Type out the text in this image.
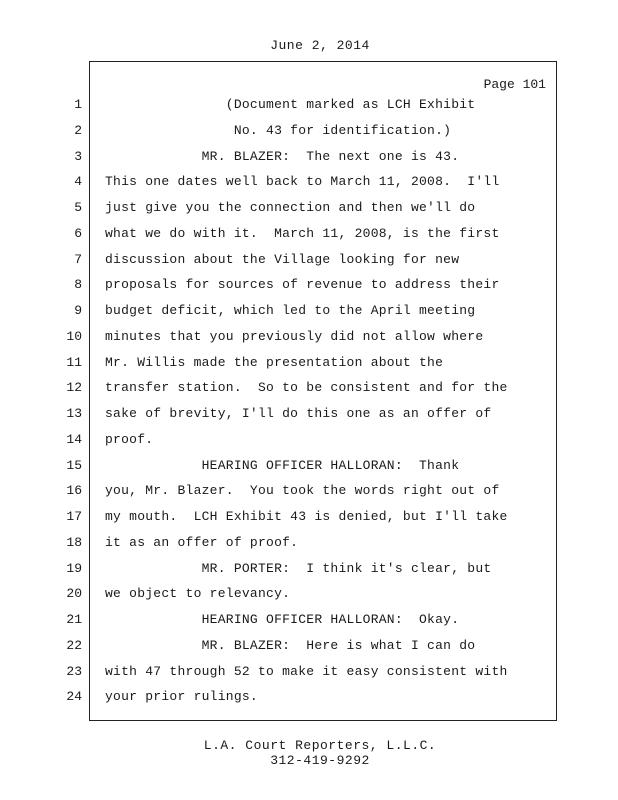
June 2, 2014
Page 101
1 (Document marked as LCH Exhibit
2 No. 43 for identification.)
3 MR. BLAZER:  The next one is 43.
4 This one dates well back to March 11, 2008.  I'll
5 just give you the connection and then we'll do
6 what we do with it.  March 11, 2008, is the first
7 discussion about the Village looking for new
8 proposals for sources of revenue to address their
9 budget deficit, which led to the April meeting
10 minutes that you previously did not allow where
11 Mr. Willis made the presentation about the
12 transfer station.  So to be consistent and for the
13 sake of brevity, I'll do this one as an offer of
14 proof.
15 HEARING OFFICER HALLORAN:  Thank
16 you, Mr. Blazer.  You took the words right out of
17 my mouth.  LCH Exhibit 43 is denied, but I'll take
18 it as an offer of proof.
19 MR. PORTER:  I think it's clear, but
20 we object to relevancy.
21 HEARING OFFICER HALLORAN:  Okay.
22 MR. BLAZER:  Here is what I can do
23 with 47 through 52 to make it easy consistent with
24 your prior rulings.
L.A. Court Reporters, L.L.C.
312-419-9292
